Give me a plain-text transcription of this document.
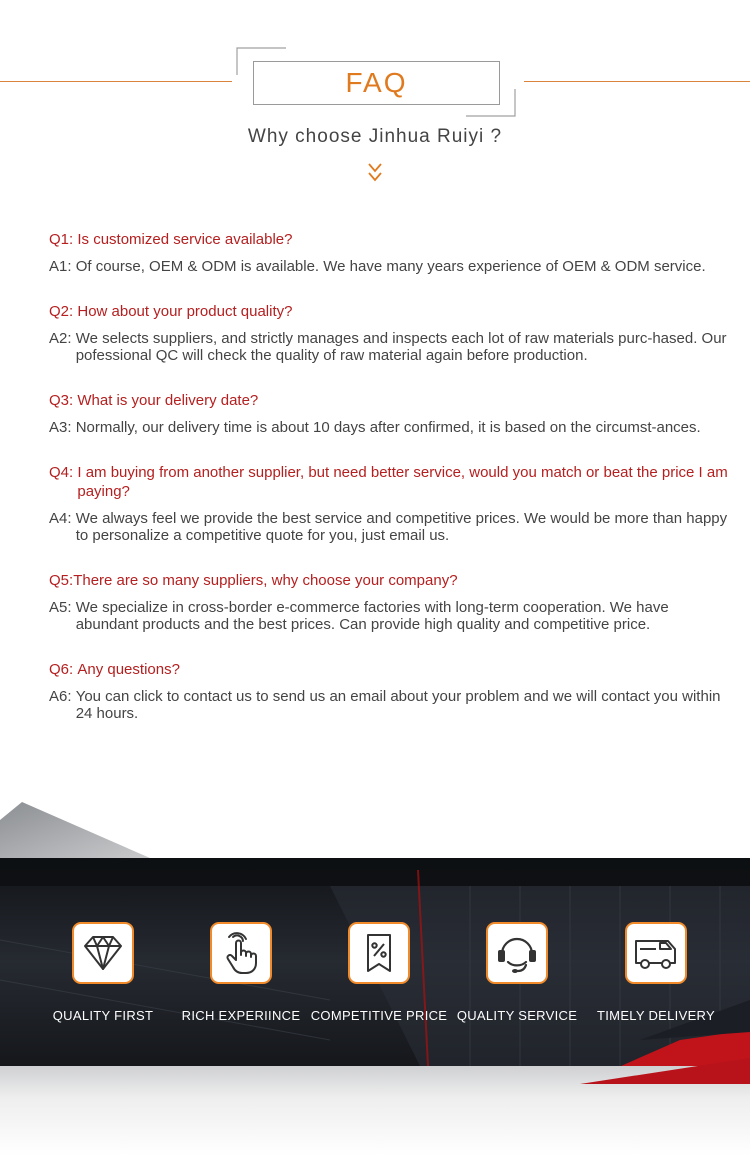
FAQ
Why choose Jinhua Ruiyi ?
Q1: Is customized service available?
A1: Of course, OEM & ODM is available. We have many years experience of OEM & ODM service.
Q2: How about your product quality?
A2: We selects suppliers, and strictly manages and inspects each lot of raw materials purc-hased. Our pofessional QC will check the quality of raw material again before production.
Q3: What is your delivery date?
A3: Normally, our delivery time is about 10 days after confirmed, it is based on the circumst-ances.
Q4: I am buying from another supplier, but need better service, would you match or beat the price I am paying?
A4: We always feel we provide the best service and competitive prices. We would be more than happy to personalize a competitive quote for you, just email us.
Q5: There are so many suppliers, why choose your company?
A5: We specialize in cross-border e-commerce factories with long-term cooperation. We have abundant products and the best prices. Can provide high quality and competitive price.
Q6: Any questions?
A6: You can click to contact us to send us an email about your problem and we will contact you within 24 hours.
QUALITY FIRST	RICH EXPERIINCE COMPETITIVE PRICE QUALITY SERVICE	TIMELY DELIVERY
